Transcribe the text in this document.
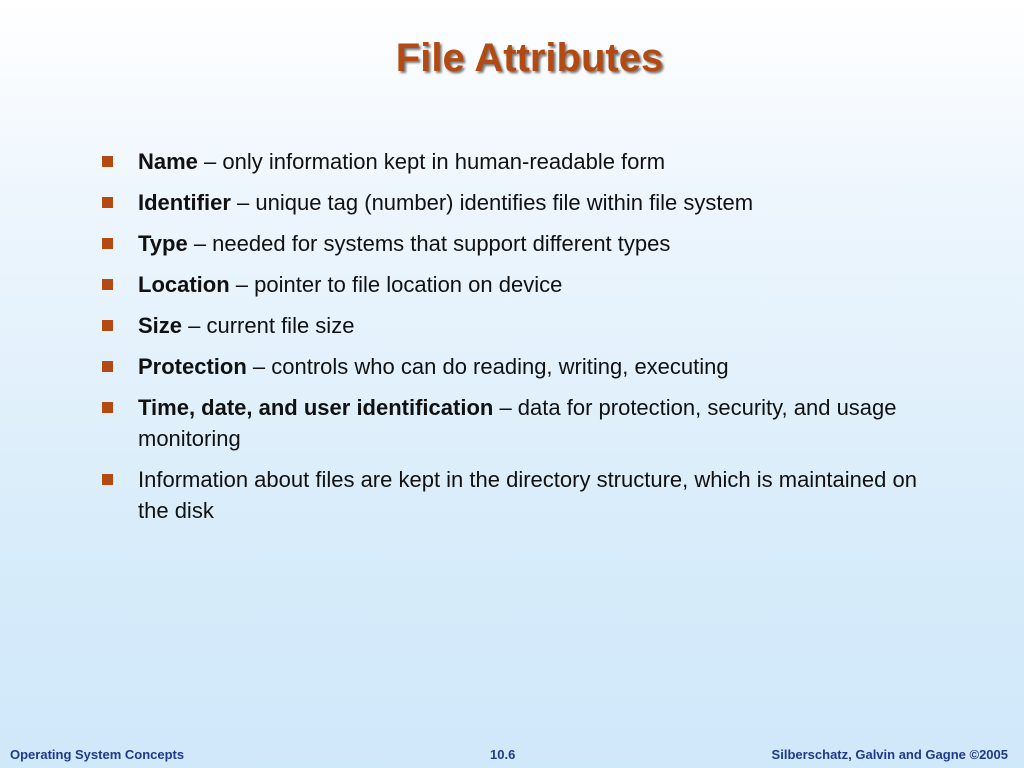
File Attributes
Name – only information kept in human-readable form
Identifier – unique tag (number) identifies file within file system
Type – needed for systems that support different types
Location – pointer to file location on device
Size – current file size
Protection – controls who can do reading, writing, executing
Time, date, and user identification – data for protection, security, and usage monitoring
Information about files are kept in the directory structure, which is maintained on the disk
Operating System Concepts	10.6	Silberschatz, Galvin and Gagne ©2005
